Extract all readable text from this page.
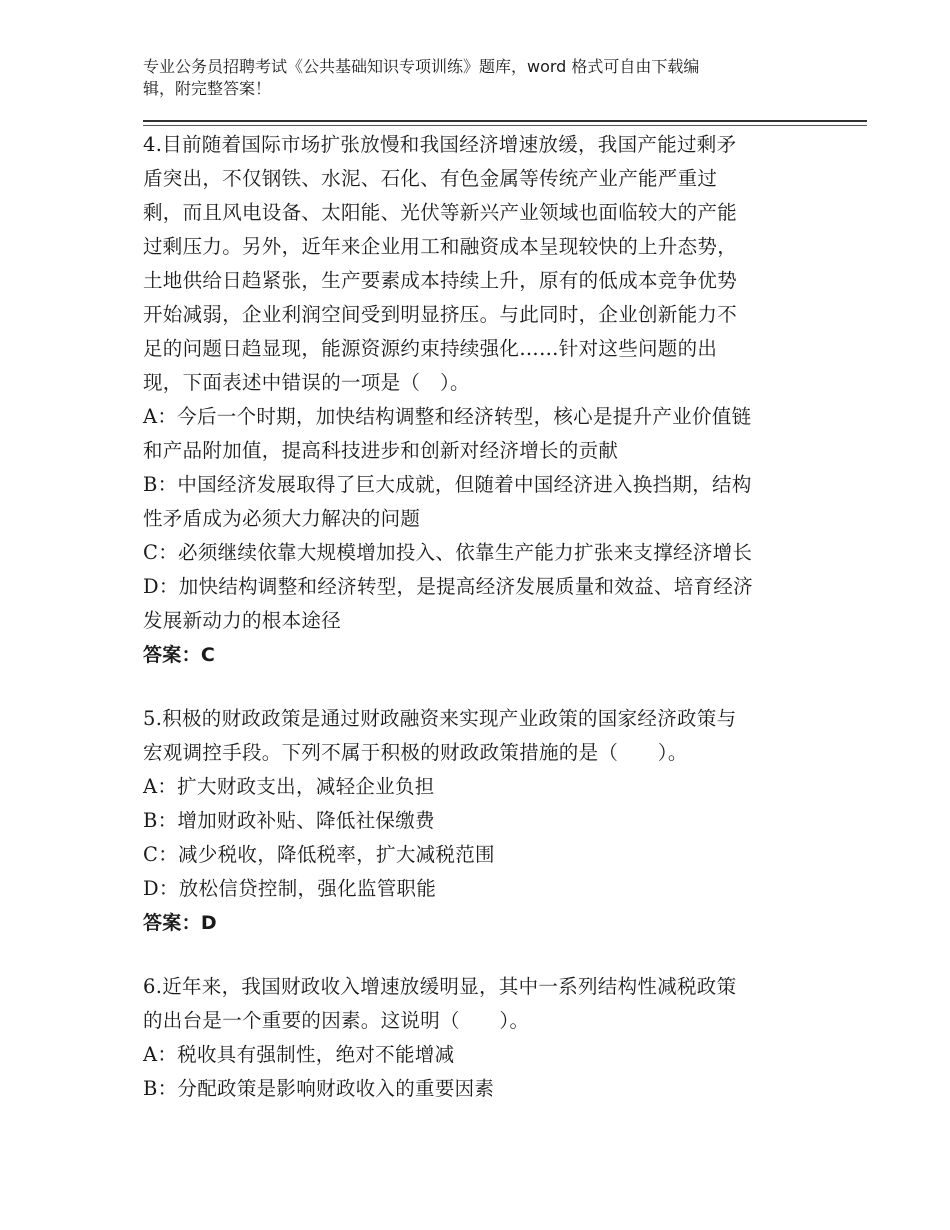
专业公务员招聘考试《公共基础知识专项训练》题库，word 格式可自由下载编
辑，附完整答案！
4.目前随着国际市场扩张放慢和我国经济增速放缓，我国产能过剩矛
盾突出，不仅钢铁、水泥、石化、有色金属等传统产业产能严重过
剩，而且风电设备、太阳能、光伏等新兴产业领域也面临较大的产能
过剩压力。另外，近年来企业用工和融资成本呈现较快的上升态势，
土地供给日趋紧张，生产要素成本持续上升，原有的低成本竞争优势
开始减弱，企业利润空间受到明显挤压。与此同时，企业创新能力不
足的问题日趋显现，能源资源约束持续强化……针对这些问题的出
现，下面表述中错误的一项是（　）。
A：今后一个时期，加快结构调整和经济转型，核心是提升产业价值链
和产品附加值，提高科技进步和创新对经济增长的贡献
B：中国经济发展取得了巨大成就，但随着中国经济进入换挡期，结构
性矛盾成为必须大力解决的问题
C：必须继续依靠大规模增加投入、依靠生产能力扩张来支撑经济增长
D：加快结构调整和经济转型，是提高经济发展质量和效益、培育经济
发展新动力的根本途径
答案：C
5.积极的财政政策是通过财政融资来实现产业政策的国家经济政策与
宏观调控手段。下列不属于积极的财政政策措施的是（　　）。
A：扩大财政支出，减轻企业负担
B：增加财政补贴、降低社保缴费
C：减少税收，降低税率，扩大减税范围
D：放松信贷控制，强化监管职能
答案：D
6.近年来，我国财政收入增速放缓明显，其中一系列结构性减税政策
的出台是一个重要的因素。这说明（　　）。
A：税收具有强制性，绝对不能增减
B：分配政策是影响财政收入的重要因素
